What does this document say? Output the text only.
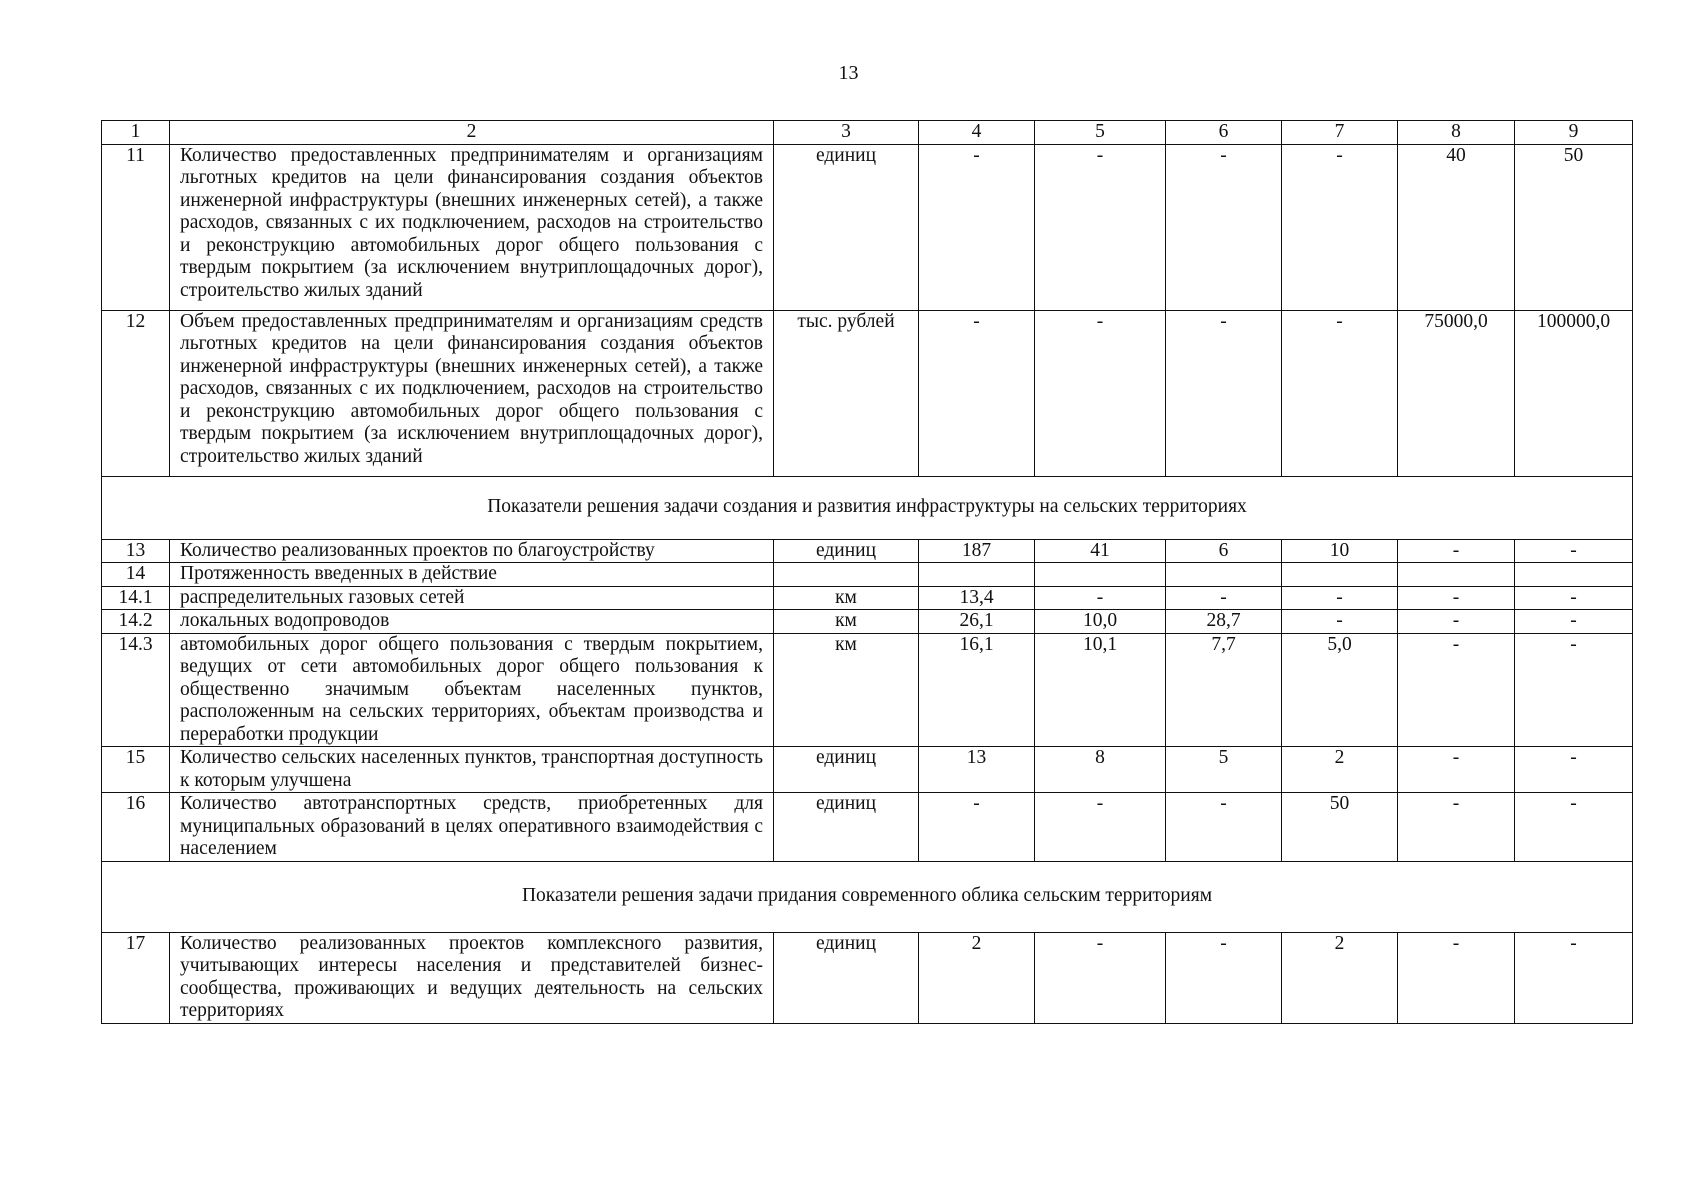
13
1	2	3	4	5	6	7	8	9
11	Количество предоставленных предпринимателям и организациям льготных кредитов на цели финансирования создания объектов инженерной инфраструктуры (внешних инженерных сетей), а также расходов, связанных с их подключением, расходов на строительство и реконструкцию автомобильных дорог общего пользования с твердым покрытием (за исключением внутриплощадочных дорог), строительство жилых зданий	единиц	-	-	-	-	40	50
12	Объем предоставленных предпринимателям и организациям средств льготных кредитов на цели финансирования создания объектов инженерной инфраструктуры (внешних инженерных сетей), а также расходов, связанных с их подключением, расходов на строительство и реконструкцию автомобильных дорог общего пользования с твердым покрытием (за исключением внутриплощадочных дорог), строительство жилых зданий	тыс. рублей	-	-	-	-	75000,0	100000,0
Показатели решения задачи создания и развития инфраструктуры на сельских территориях								
13	Количество реализованных проектов по благоустройству	единиц	187	41	6	10	-	-
14	Протяженность введенных в действие							
14.1	распределительных газовых сетей	км	13,4	-	-	-	-	-
14.2	локальных водопроводов	км	26,1	10,0	28,7	-	-	-
14.3	автомобильных дорог общего пользования с твердым покрытием, ведущих от сети автомобильных дорог общего пользования к общественно значимым объектам населенных пунктов, расположенным на сельских территориях, объектам производства и переработки продукции	км	16,1	10,1	7,7	5,0	-	-
15	Количество сельских населенных пунктов, транспортная доступность к которым улучшена	единиц	13	8	5	2	-	-
16	Количество автотранспортных средств, приобретенных для муниципальных образований в целях оперативного взаимодействия с населением	единиц	-	-	-	50	-	-
Показатели решения задачи придания современного облика сельским территориям								
17	Количество реализованных проектов комплексного развития, учитывающих интересы населения и представителей бизнес-сообщества, проживающих и ведущих деятельность на сельских территориях	единиц	2	-	-	2	-	-
